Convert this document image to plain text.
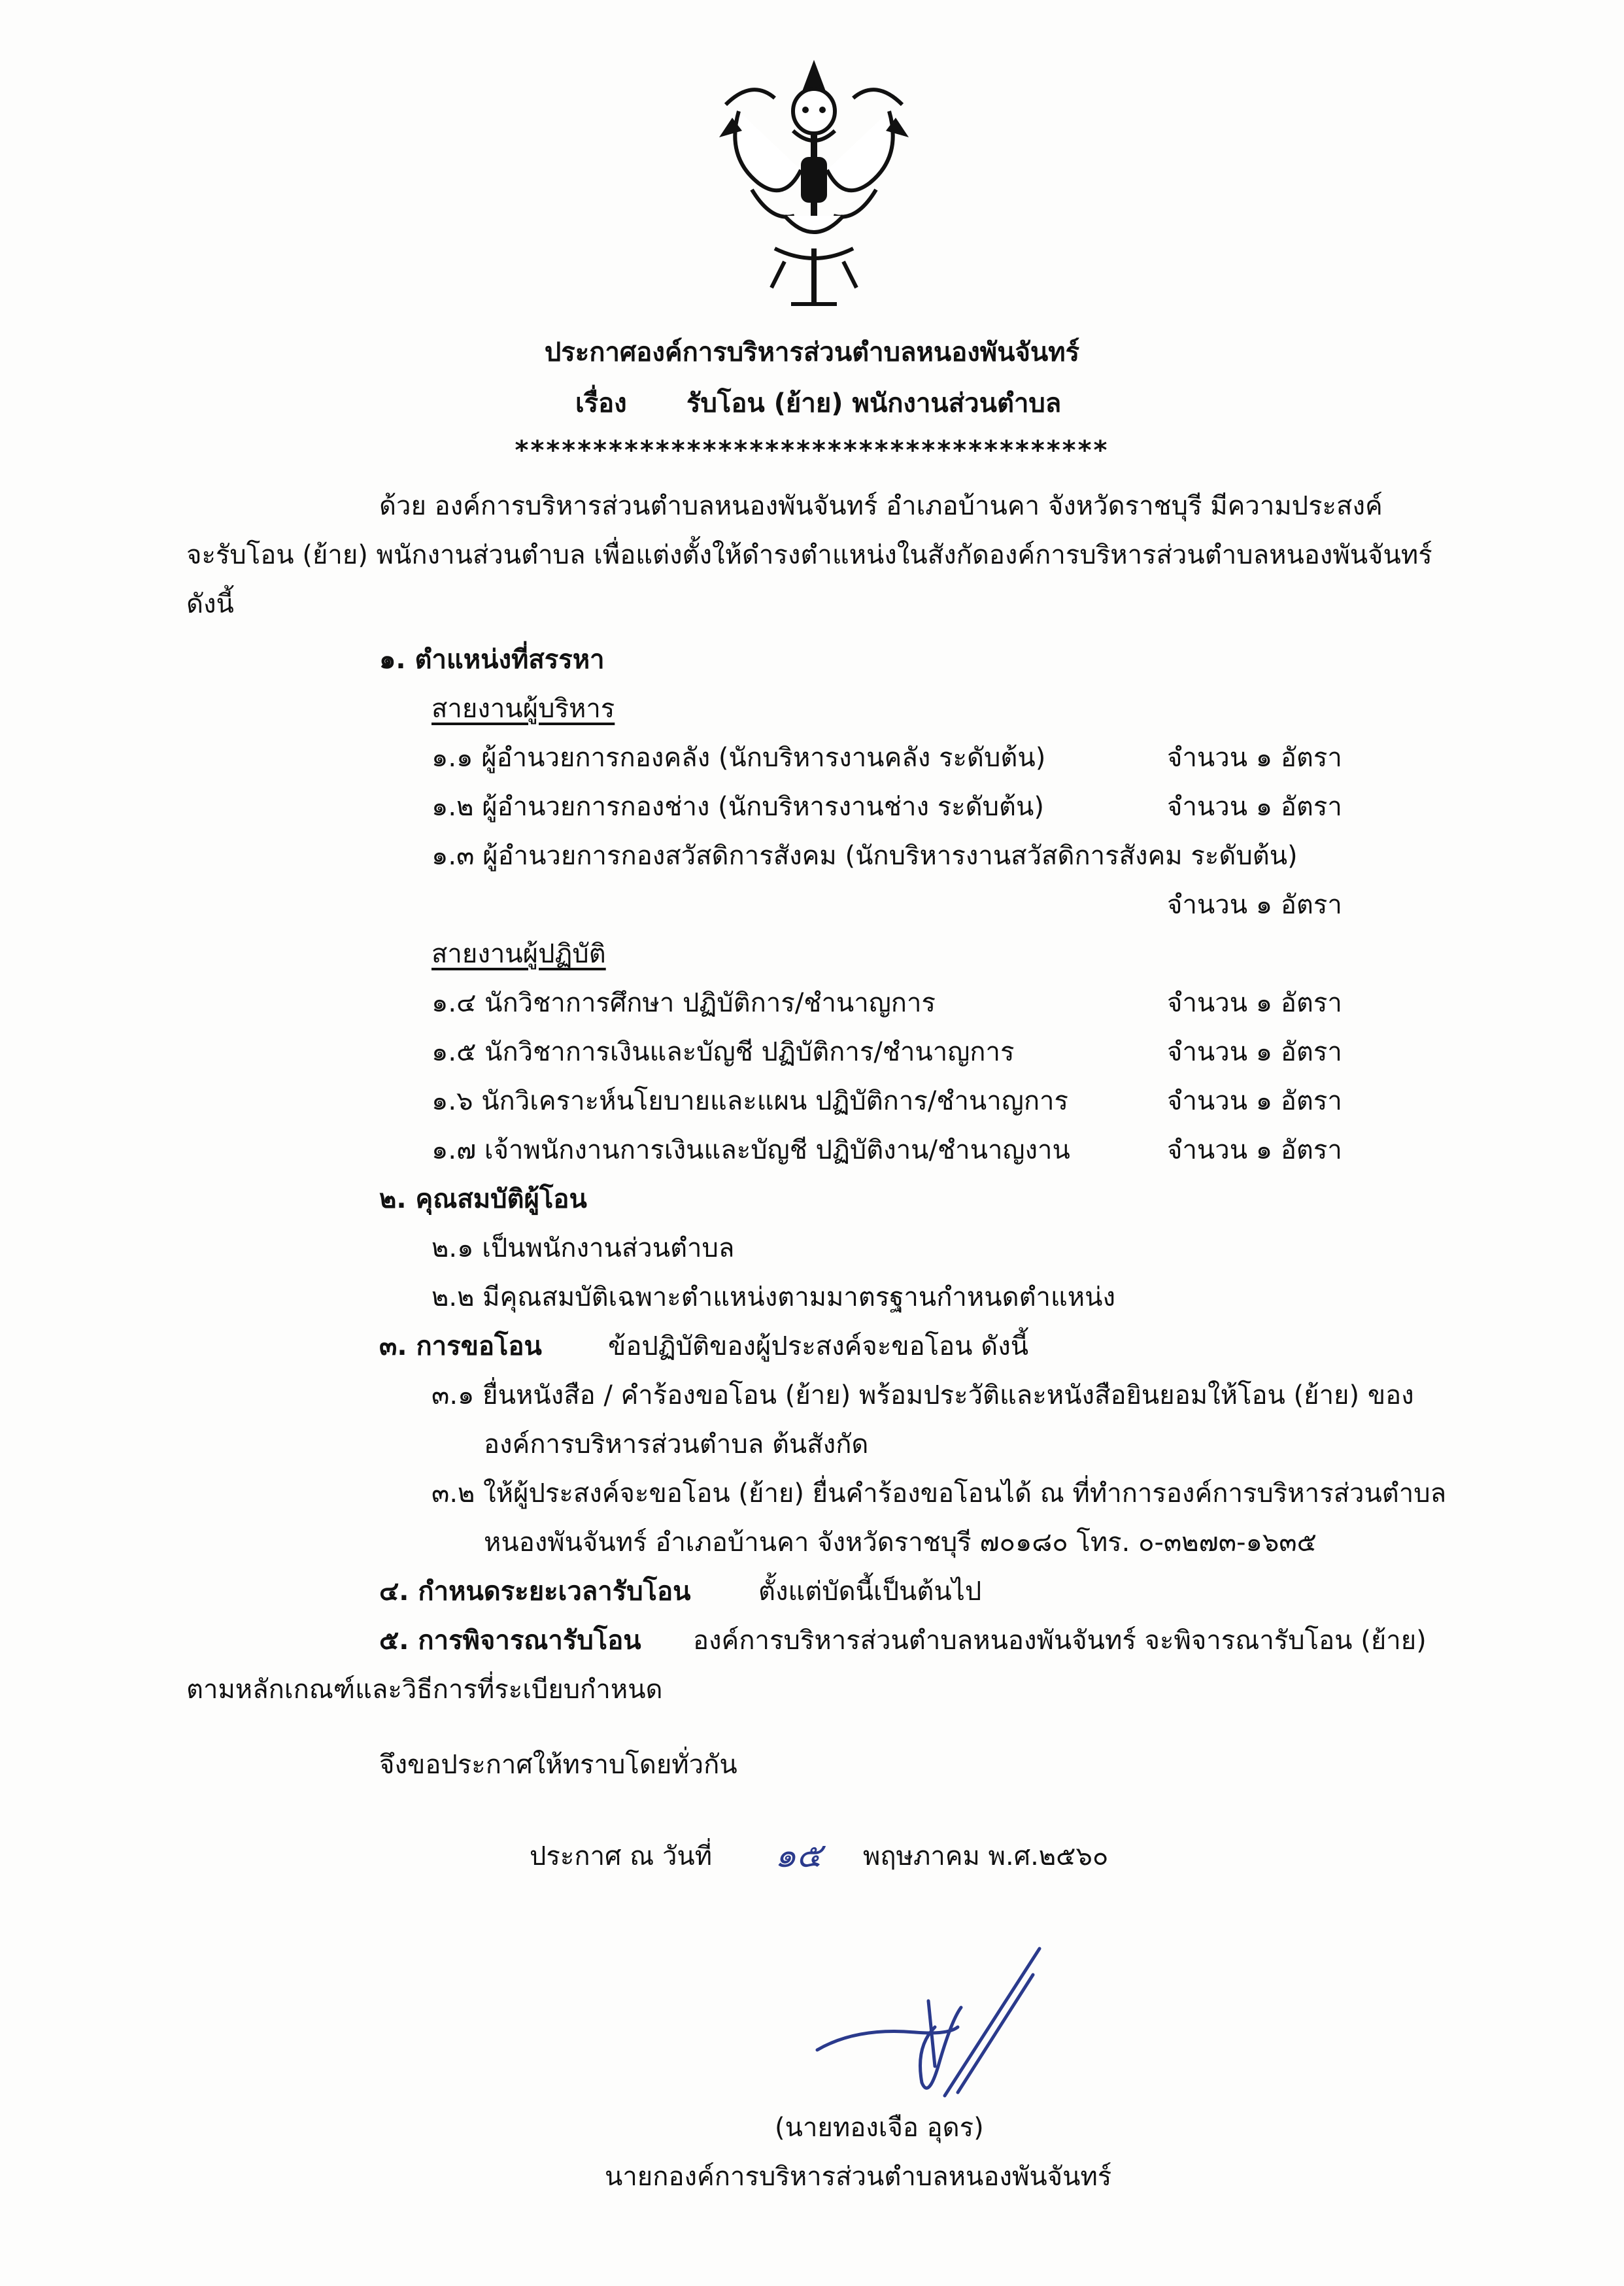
ประกาศองค์การบริหารส่วนตำบลหนองพันจันทร์
เรื่อง รับโอน (ย้าย) พนักงานส่วนตำบล
**************************************
ด้วย องค์การบริหารส่วนตำบลหนองพันจันทร์ อำเภอบ้านคา จังหวัดราชบุรี มีความประสงค์
จะรับโอน (ย้าย) พนักงานส่วนตำบล เพื่อแต่งตั้งให้ดำรงตำแหน่งในสังกัดองค์การบริหารส่วนตำบลหนองพันจันทร์
ดังนี้
๑. ตำแหน่งที่สรรหา
สายงานผู้บริหาร
๑.๑ ผู้อำนวยการกองคลัง (นักบริหารงานคลัง ระดับต้น)	จำนวน ๑ อัตรา
๑.๒ ผู้อำนวยการกองช่าง (นักบริหารงานช่าง ระดับต้น)	จำนวน ๑ อัตรา
๑.๓ ผู้อำนวยการกองสวัสดิการสังคม (นักบริหารงานสวัสดิการสังคม ระดับต้น)
จำนวน ๑ อัตรา
สายงานผู้ปฏิบัติ
๑.๔ นักวิชาการศึกษา ปฏิบัติการ/ชำนาญการ	จำนวน ๑ อัตรา
๑.๕ นักวิชาการเงินและบัญชี ปฏิบัติการ/ชำนาญการ	จำนวน ๑ อัตรา
๑.๖ นักวิเคราะห์นโยบายและแผน ปฏิบัติการ/ชำนาญการ	จำนวน ๑ อัตรา
๑.๗ เจ้าพนักงานการเงินและบัญชี ปฏิบัติงาน/ชำนาญงาน	จำนวน ๑ อัตรา
๒. คุณสมบัติผู้โอน
๒.๑ เป็นพนักงานส่วนตำบล
๒.๒ มีคุณสมบัติเฉพาะตำแหน่งตามมาตรฐานกำหนดตำแหน่ง
๓. การขอโอน	ข้อปฏิบัติของผู้ประสงค์จะขอโอน ดังนี้
๓.๑ ยื่นหนังสือ / คำร้องขอโอน (ย้าย) พร้อมประวัติและหนังสือยินยอมให้โอน (ย้าย) ของ
องค์การบริหารส่วนตำบล ต้นสังกัด
๓.๒ ให้ผู้ประสงค์จะขอโอน (ย้าย) ยื่นคำร้องขอโอนได้ ณ ที่ทำการองค์การบริหารส่วนตำบล
หนองพันจันทร์ อำเภอบ้านคา จังหวัดราชบุรี ๗๐๑๘๐ โทร. ๐-๓๒๗๓-๑๖๓๕
๔. กำหนดระยะเวลารับโอน	ตั้งแต่บัดนี้เป็นต้นไป
๕. การพิจารณารับโอน องค์การบริหารส่วนตำบลหนองพันจันทร์ จะพิจารณารับโอน (ย้าย)
ตามหลักเกณฑ์และวิธีการที่ระเบียบกำหนด
จึงขอประกาศให้ทราบโดยทั่วกัน
ประกาศ ณ วันที่ ๑๕ พฤษภาคม พ.ศ.๒๕๖๐
(นายทองเจือ อุดร)
นายกองค์การบริหารส่วนตำบลหนองพันจันทร์
